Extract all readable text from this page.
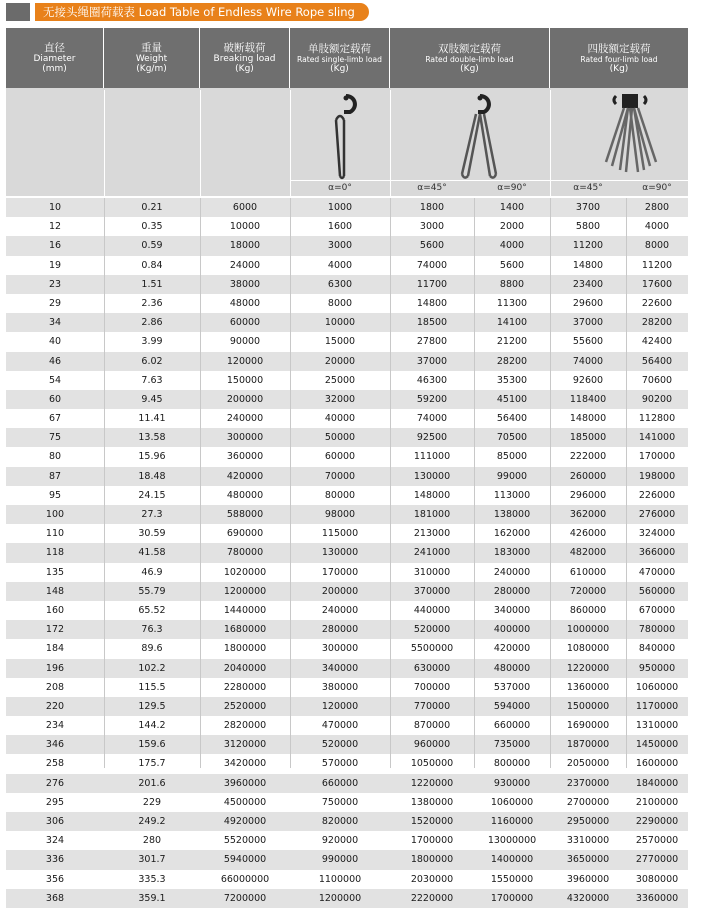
无接头绳圈荷载表 Load Table of Endless Wire Rope sling
直径
Diameter
(mm)
重量
Weight
(Kg/m)
破断载荷
Breaking load
(Kg)
单肢额定载荷
Rated single-limb load
(Kg)
双肢额定载荷
Rated double-limb load
(Kg)
四肢额定载荷
Rated four-limb load
(Kg)
α=0°	α=45°	α=90°	α=45°	α=90°
10	0.21	6000	1000	1800	1400	3700	2800
12	0.35	10000	1600	3000	2000	5800	4000
16	0.59	18000	3000	5600	4000	11200	8000
19	0.84	24000	4000	74000	5600	14800	11200
23	1.51	38000	6300	11700	8800	23400	17600
29	2.36	48000	8000	14800	11300	29600	22600
34	2.86	60000	10000	18500	14100	37000	28200
40	3.99	90000	15000	27800	21200	55600	42400
46	6.02	120000	20000	37000	28200	74000	56400
54	7.63	150000	25000	46300	35300	92600	70600
60	9.45	200000	32000	59200	45100	118400	90200
67	11.41	240000	40000	74000	56400	148000	112800
75	13.58	300000	50000	92500	70500	185000	141000
80	15.96	360000	60000	111000	85000	222000	170000
87	18.48	420000	70000	130000	99000	260000	198000
95	24.15	480000	80000	148000	113000	296000	226000
100	27.3	588000	98000	181000	138000	362000	276000
110	30.59	690000	115000	213000	162000	426000	324000
118	41.58	780000	130000	241000	183000	482000	366000
135	46.9	1020000	170000	310000	240000	610000	470000
148	55.79	1200000	200000	370000	280000	720000	560000
160	65.52	1440000	240000	440000	340000	860000	670000
172	76.3	1680000	280000	520000	400000	1000000	780000
184	89.6	1800000	300000	5500000	420000	1080000	840000
196	102.2	2040000	340000	630000	480000	1220000	950000
208	115.5	2280000	380000	700000	537000	1360000	1060000
220	129.5	2520000	120000	770000	594000	1500000	1170000
234	144.2	2820000	470000	870000	660000	1690000	1310000
346	159.6	3120000	520000	960000	735000	1870000	1450000
258	175.7	3420000	570000	1050000	800000	2050000	1600000
276	201.6	3960000	660000	1220000	930000	2370000	1840000
295	229	4500000	750000	1380000	1060000	2700000	2100000
306	249.2	4920000	820000	1520000	1160000	2950000	2290000
324	280	5520000	920000	1700000	13000000	3310000	2570000
336	301.7	5940000	990000	1800000	1400000	3650000	2770000
356	335.3	66000000	1100000	2030000	1550000	3960000	3080000
368	359.1	7200000	1200000	2220000	1700000	4320000	3360000
